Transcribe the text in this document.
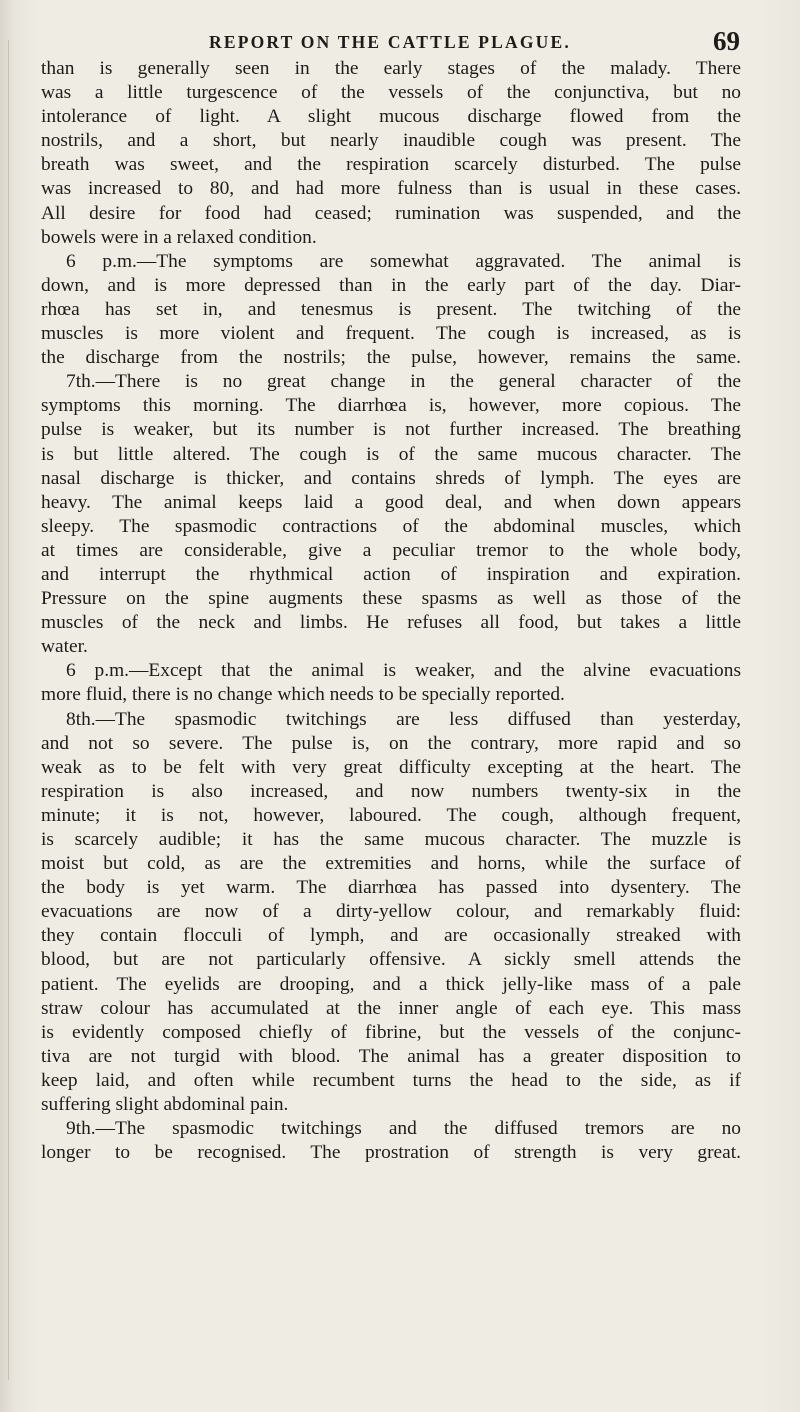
REPORT ON THE CATTLE PLAGUE.	69
than is generally seen in the early stages of the malady. There
was a little turgescence of the vessels of the conjunctiva, but no
intolerance of light. A slight mucous discharge flowed from the
nostrils, and a short, but nearly inaudible cough was present. The
breath was sweet, and the respiration scarcely disturbed. The pulse
was increased to 80, and had more fulness than is usual in these cases.
All desire for food had ceased; rumination was suspended, and the
bowels were in a relaxed condition.
6 p.m.—The symptoms are somewhat aggravated. The animal is
down, and is more depressed than in the early part of the day. Diar-
rhœa has set in, and tenesmus is present. The twitching of the
muscles is more violent and frequent. The cough is increased, as is
the discharge from the nostrils; the pulse, however, remains the same.
7th.—There is no great change in the general character of the
symptoms this morning. The diarrhœa is, however, more copious. The
pulse is weaker, but its number is not further increased. The breathing
is but little altered. The cough is of the same mucous character. The
nasal discharge is thicker, and contains shreds of lymph. The eyes are
heavy. The animal keeps laid a good deal, and when down appears
sleepy. The spasmodic contractions of the abdominal muscles, which
at times are considerable, give a peculiar tremor to the whole body,
and interrupt the rhythmical action of inspiration and expiration.
Pressure on the spine augments these spasms as well as those of the
muscles of the neck and limbs. He refuses all food, but takes a little
water.
6 p.m.—Except that the animal is weaker, and the alvine evacuations
more fluid, there is no change which needs to be specially reported.
8th.—The spasmodic twitchings are less diffused than yesterday,
and not so severe. The pulse is, on the contrary, more rapid and so
weak as to be felt with very great difficulty excepting at the heart. The
respiration is also increased, and now numbers twenty-six in the
minute; it is not, however, laboured. The cough, although frequent,
is scarcely audible; it has the same mucous character. The muzzle is
moist but cold, as are the extremities and horns, while the surface of
the body is yet warm. The diarrhœa has passed into dysentery. The
evacuations are now of a dirty-yellow colour, and remarkably fluid:
they contain flocculi of lymph, and are occasionally streaked with
blood, but are not particularly offensive. A sickly smell attends the
patient. The eyelids are drooping, and a thick jelly-like mass of a pale
straw colour has accumulated at the inner angle of each eye. This mass
is evidently composed chiefly of fibrine, but the vessels of the conjunc-
tiva are not turgid with blood. The animal has a greater disposition to
keep laid, and often while recumbent turns the head to the side, as if
suffering slight abdominal pain.
9th.—The spasmodic twitchings and the diffused tremors are no
longer to be recognised. The prostration of strength is very great.
